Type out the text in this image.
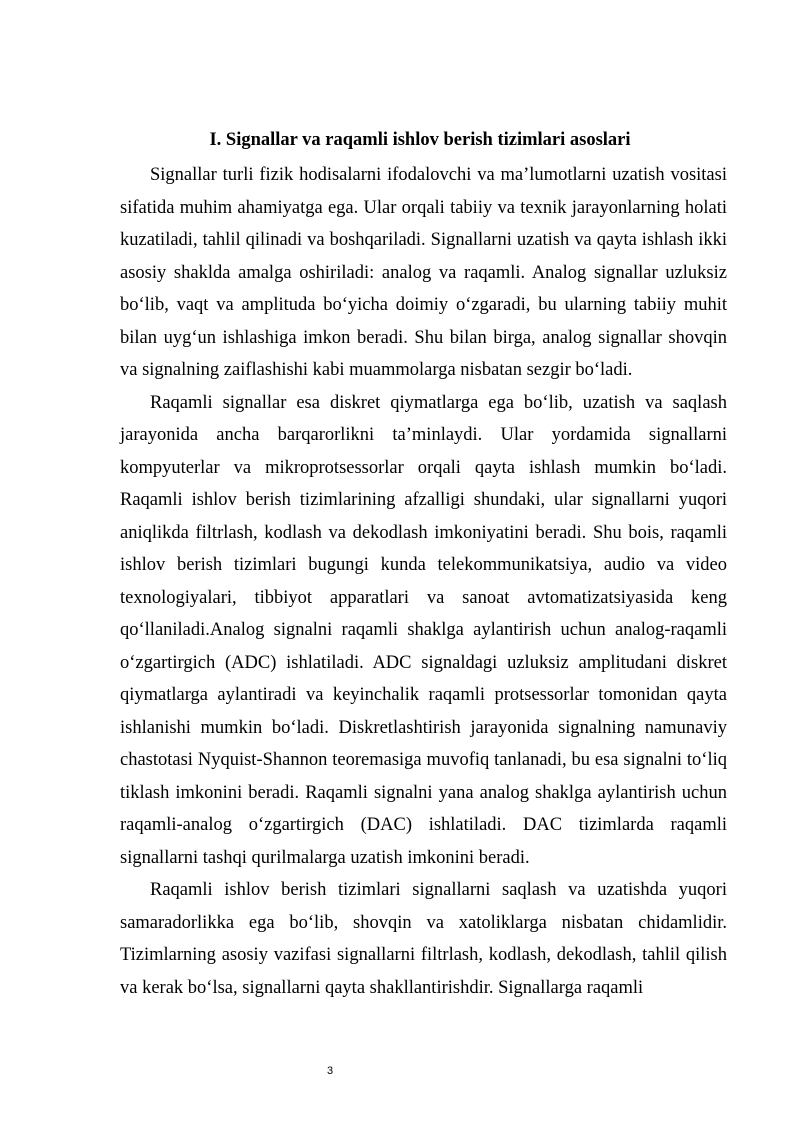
I. Signallar va raqamli ishlov berish tizimlari asoslari

Signallar turli fizik hodisalarni ifodalovchi va ma’lumotlarni uzatish vositasi sifatida muhim ahamiyatga ega. Ular orqali tabiiy va texnik jarayonlarning holati kuzatiladi, tahlil qilinadi va boshqariladi. Signallarni uzatish va qayta ishlash ikki asosiy shaklda amalga oshiriladi: analog va raqamli. Analog signallar uzluksiz bo‘lib, vaqt va amplituda bo‘yicha doimiy o‘zgaradi, bu ularning tabiiy muhit bilan uyg‘un ishlashiga imkon beradi. Shu bilan birga, analog signallar shovqin va signalning zaiflashishi kabi muammolarga nisbatan sezgir bo‘ladi.

Raqamli signallar esa diskret qiymatlarga ega bo‘lib, uzatish va saqlash jarayonida ancha barqarorlikni ta’minlaydi. Ular yordamida signallarni kompyuterlar va mikroprotsessorlar orqali qayta ishlash mumkin bo‘ladi. Raqamli ishlov berish tizimlarining afzalligi shundaki, ular signallarni yuqori aniqlikda filtrlash, kodlash va dekodlash imkoniyatini beradi. Shu bois, raqamli ishlov berish tizimlari bugungi kunda telekommunikatsiya, audio va video texnologiyalari, tibbiyot apparatlari va sanoat avtomatizatsiyasida keng qo‘llaniladi.Analog signalni raqamli shaklga aylantirish uchun analog-raqamli o‘zgartirgich (ADC) ishlatiladi. ADC signaldagi uzluksiz amplitudani diskret qiymatlarga aylantiradi va keyinchalik raqamli protsessorlar tomonidan qayta ishlanishi mumkin bo‘ladi. Diskretlashtirish jarayonida signalning namunaviy chastotasi Nyquist-Shannon teoremasiga muvofiq tanlanadi, bu esa signalni to‘liq tiklash imkonini beradi. Raqamli signalni yana analog shaklga aylantirish uchun raqamli-analog o‘zgartirgich (DAC) ishlatiladi. DAC tizimlarda raqamli signallarni tashqi qurilmalarga uzatish imkonini beradi.

Raqamli ishlov berish tizimlari signallarni saqlash va uzatishda yuqori samaradorlikka ega bo‘lib, shovqin va xatoliklarga nisbatan chidamlidir. Tizimlarning asosiy vazifasi signallarni filtrlash, kodlash, dekodlash, tahlil qilish va kerak bo‘lsa, signallarni qayta shakllantirishdir. Signallarga raqamli

3
